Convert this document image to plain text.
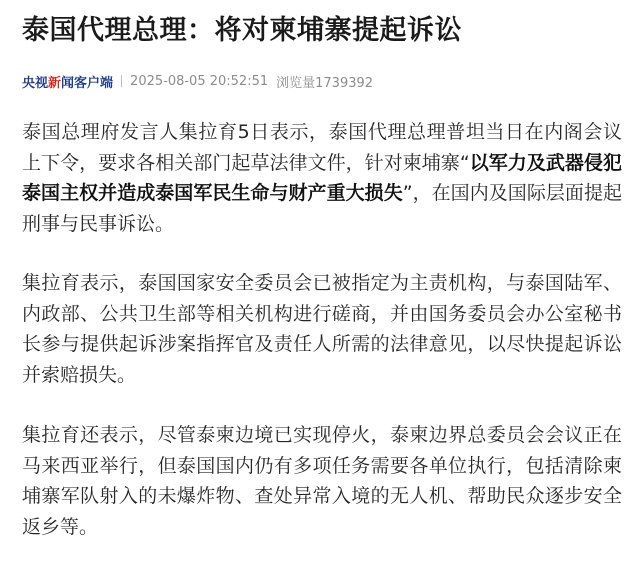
泰国代理总理：将对柬埔寨提起诉讼
央视 新 闻客户端 2025-08-05 20:52:51 浏览量1739392

泰国总理府发言人集拉育5日表示，泰国代理总理普坦当日在内阁会议上下令，要求各相关部门起草法律文件，针对柬埔寨“以军力及武器侵犯泰国主权并造成泰国军民生命与财产重大损失”，在国内及国际层面提起刑事与民事诉讼。

集拉育表示，泰国国家安全委员会已被指定为主责机构，与泰国陆军、内政部、公共卫生部等相关机构进行磋商，并由国务委员会办公室秘书长参与提供起诉涉案指挥官及责任人所需的法律意见，以尽快提起诉讼并索赔损失。

集拉育还表示，尽管泰柬边境已实现停火，泰柬边界总委员会会议正在马来西亚举行，但泰国国内仍有多项任务需要各单位执行，包括清除柬埔寨军队射入的未爆炸物、查处异常入境的无人机、帮助民众逐步安全返乡等。
